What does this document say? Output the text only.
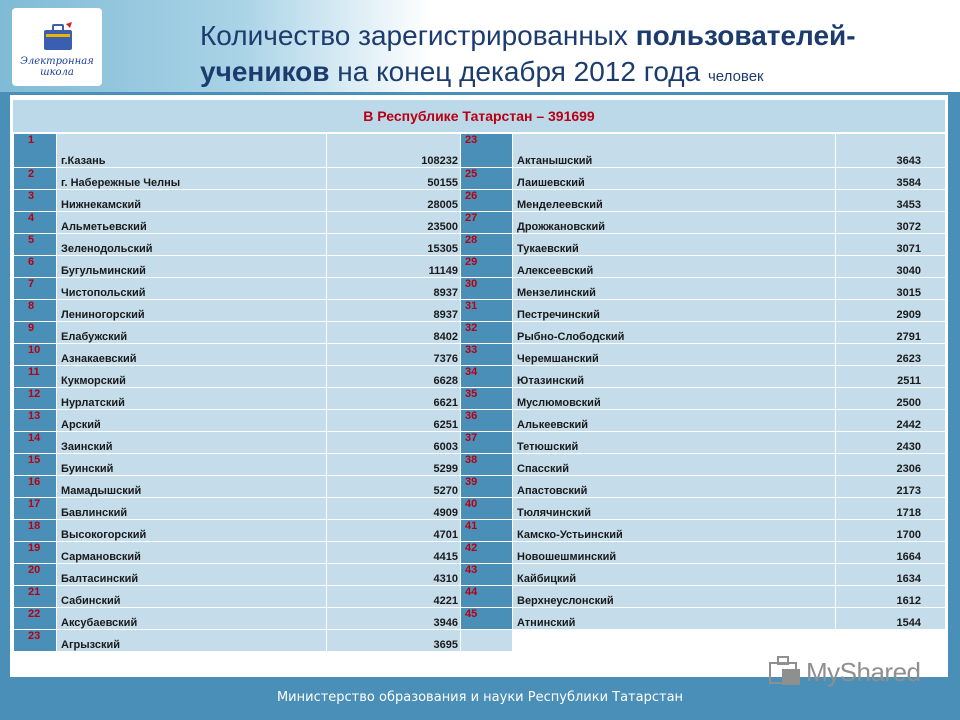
Электронная
школа
Количество зарегистрированных пользователей-учеников на конец декабря 2012 года человек
В Республике Татарстан – 391699
1	г.Казань	108232	23	Актанышский	3643
2	г. Набережные Челны	50155	25	Лаишевский	3584
3	Нижнекамский	28005	26	Менделеевский	3453
4	Альметьевский	23500	27	Дрожжановский	3072
5	Зеленодольский	15305	28	Тукаевский	3071
6	Бугульминский	11149	29	Алексеевский	3040
7	Чистопольский	8937	30	Мензелинский	3015
8	Лениногорский	8937	31	Пестречинский	2909
9	Елабужский	8402	32	Рыбно-Слободский	2791
10	Азнакаевский	7376	33	Черемшанский	2623
11	Кукморский	6628	34	Ютазинский	2511
12	Нурлатский	6621	35	Муслюмовский	2500
13	Арский	6251	36	Алькеевский	2442
14	Заинский	6003	37	Тетюшский	2430
15	Буинский	5299	38	Спасский	2306
16	Мамадышский	5270	39	Апастовский	2173
17	Бавлинский	4909	40	Тюлячинский	1718
18	Высокогорский	4701	41	Камско-Устьинский	1700
19	Сармановский	4415	42	Новошешминский	1664
20	Балтасинский	4310	43	Кайбицкий	1634
21	Сабинский	4221	44	Верхнеуслонский	1612
22	Аксубаевский	3946	45	Атнинский	1544
23	Агрызский	3695			
MyShared
Министерство образования и науки Республики Татарстан
